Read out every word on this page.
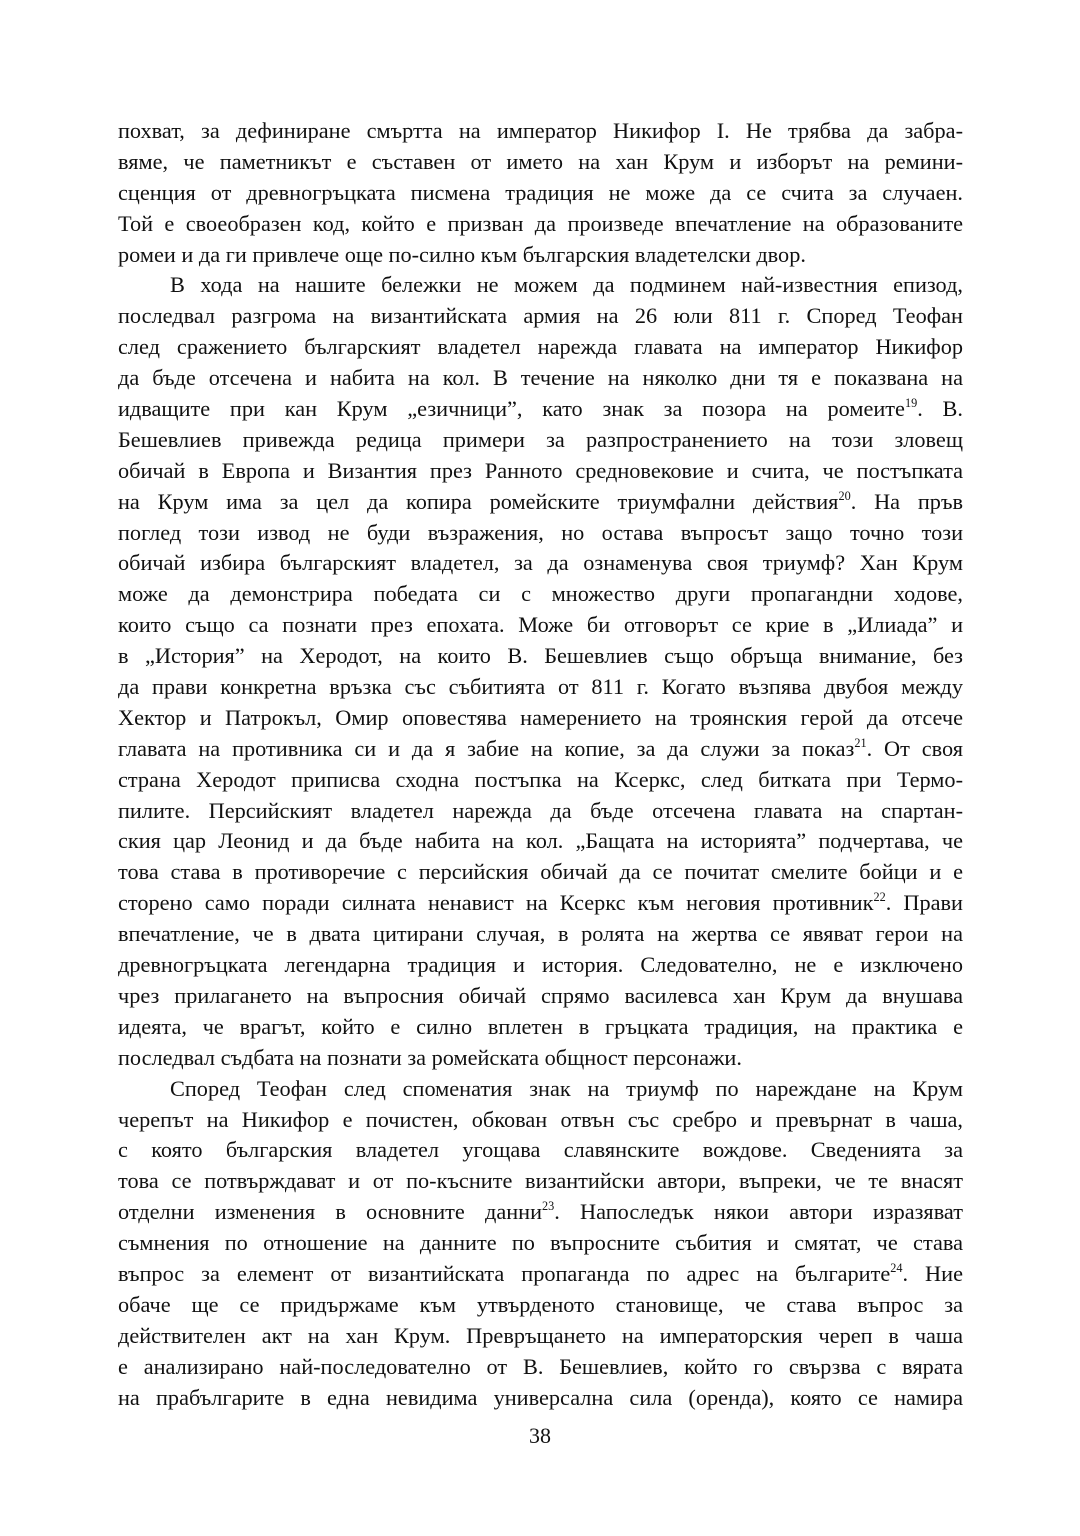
похват, за дефиниране смъртта на император Никифор I. Не трябва да забра-
вяме, че паметникът е съставен от името на хан Крум и изборът на ремини-
сценция от древногръцката писмена традиция не може да се счита за случаен.
Той е своеобразен код, който е призван да произведе впечатление на образованите
ромеи и да ги привлече още по-силно към българския владетелски двор.
В хода на нашите бележки не можем да подминем най-известния епизод,
последвал разгрома на византийската армия на 26 юли 811 г. Според Теофан
след сражението българският владетел нарежда главата на император Никифор
да бъде отсечена и набита на кол. В течение на няколко дни тя е показвана на
идващите при кан Крум „езичници”, като знак за позора на ромеите$^{19}$. В.
Бешевлиев привежда редица примери за разпространението на този зловещ
обичай в Европа и Византия през Ранното средновековие и счита, че постъпката
на Крум има за цел да копира ромейските триумфални действия$^{20}$. На пръв
поглед този извод не буди възражения, но остава въпросът защо точно този
обичай избира българският владетел, за да ознаменува своя триумф? Хан Крум
може да демонстрира победата си с множество други пропагандни ходове,
които също са познати през епохата. Може би отговорът се крие в „Илиада” и
в „История” на Херодот, на които В. Бешевлиев също обръща внимание, без
да прави конкретна връзка със събитията от 811 г. Когато възпява двубоя между
Хектор и Патрокъл, Омир оповестява намерението на троянския герой да отсече
главата на противника си и да я забие на копие, за да служи за показ$^{21}$. От своя
страна Херодот приписва сходна постъпка на Ксеркс, след битката при Термо-
пилите. Персийският владетел нарежда да бъде отсечена главата на спартан-
ския цар Леонид и да бъде набита на кол. „Бащата на историята” подчертава, че
това става в противоречие с персийския обичай да се почитат смелите бойци и е
сторено само поради силната ненавист на Ксеркс към неговия противник$^{22}$. Прави
впечатление, че в двата цитирани случая, в ролята на жертва се явяват герои на
древногръцката легендарна традиция и история. Следователно, не е изключено
чрез прилагането на въпросния обичай спрямо василевса хан Крум да внушава
идеята, че врагът, който е силно вплетен в гръцката традиция, на практика е
последвал съдбата на познати за ромейската общност персонажи.
Според Теофан след споменатия знак на триумф по нареждане на Крум
черепът на Никифор е почистен, обкован отвън със сребро и превърнат в чаша,
с която българския владетел угощава славянските вождове. Сведенията за
това се потвърждават и от по-късните византийски автори, въпреки, че те внасят
отделни изменения в основните данни$^{23}$. Напоследък някои автори изразяват
съмнения по отношение на данните по въпросните събития и смятат, че става
въпрос за елемент от византийската пропаганда по адрес на българите$^{24}$. Ние
обаче ще се придържаме към утвърденото становище, че става въпрос за
действителен акт на хан Крум. Превръщането на императорския череп в чаша
е анализирано най-последователно от В. Бешевлиев, който го свързва с вярата
на прабългарите в една невидима универсална сила (оренда), която се намира
38
